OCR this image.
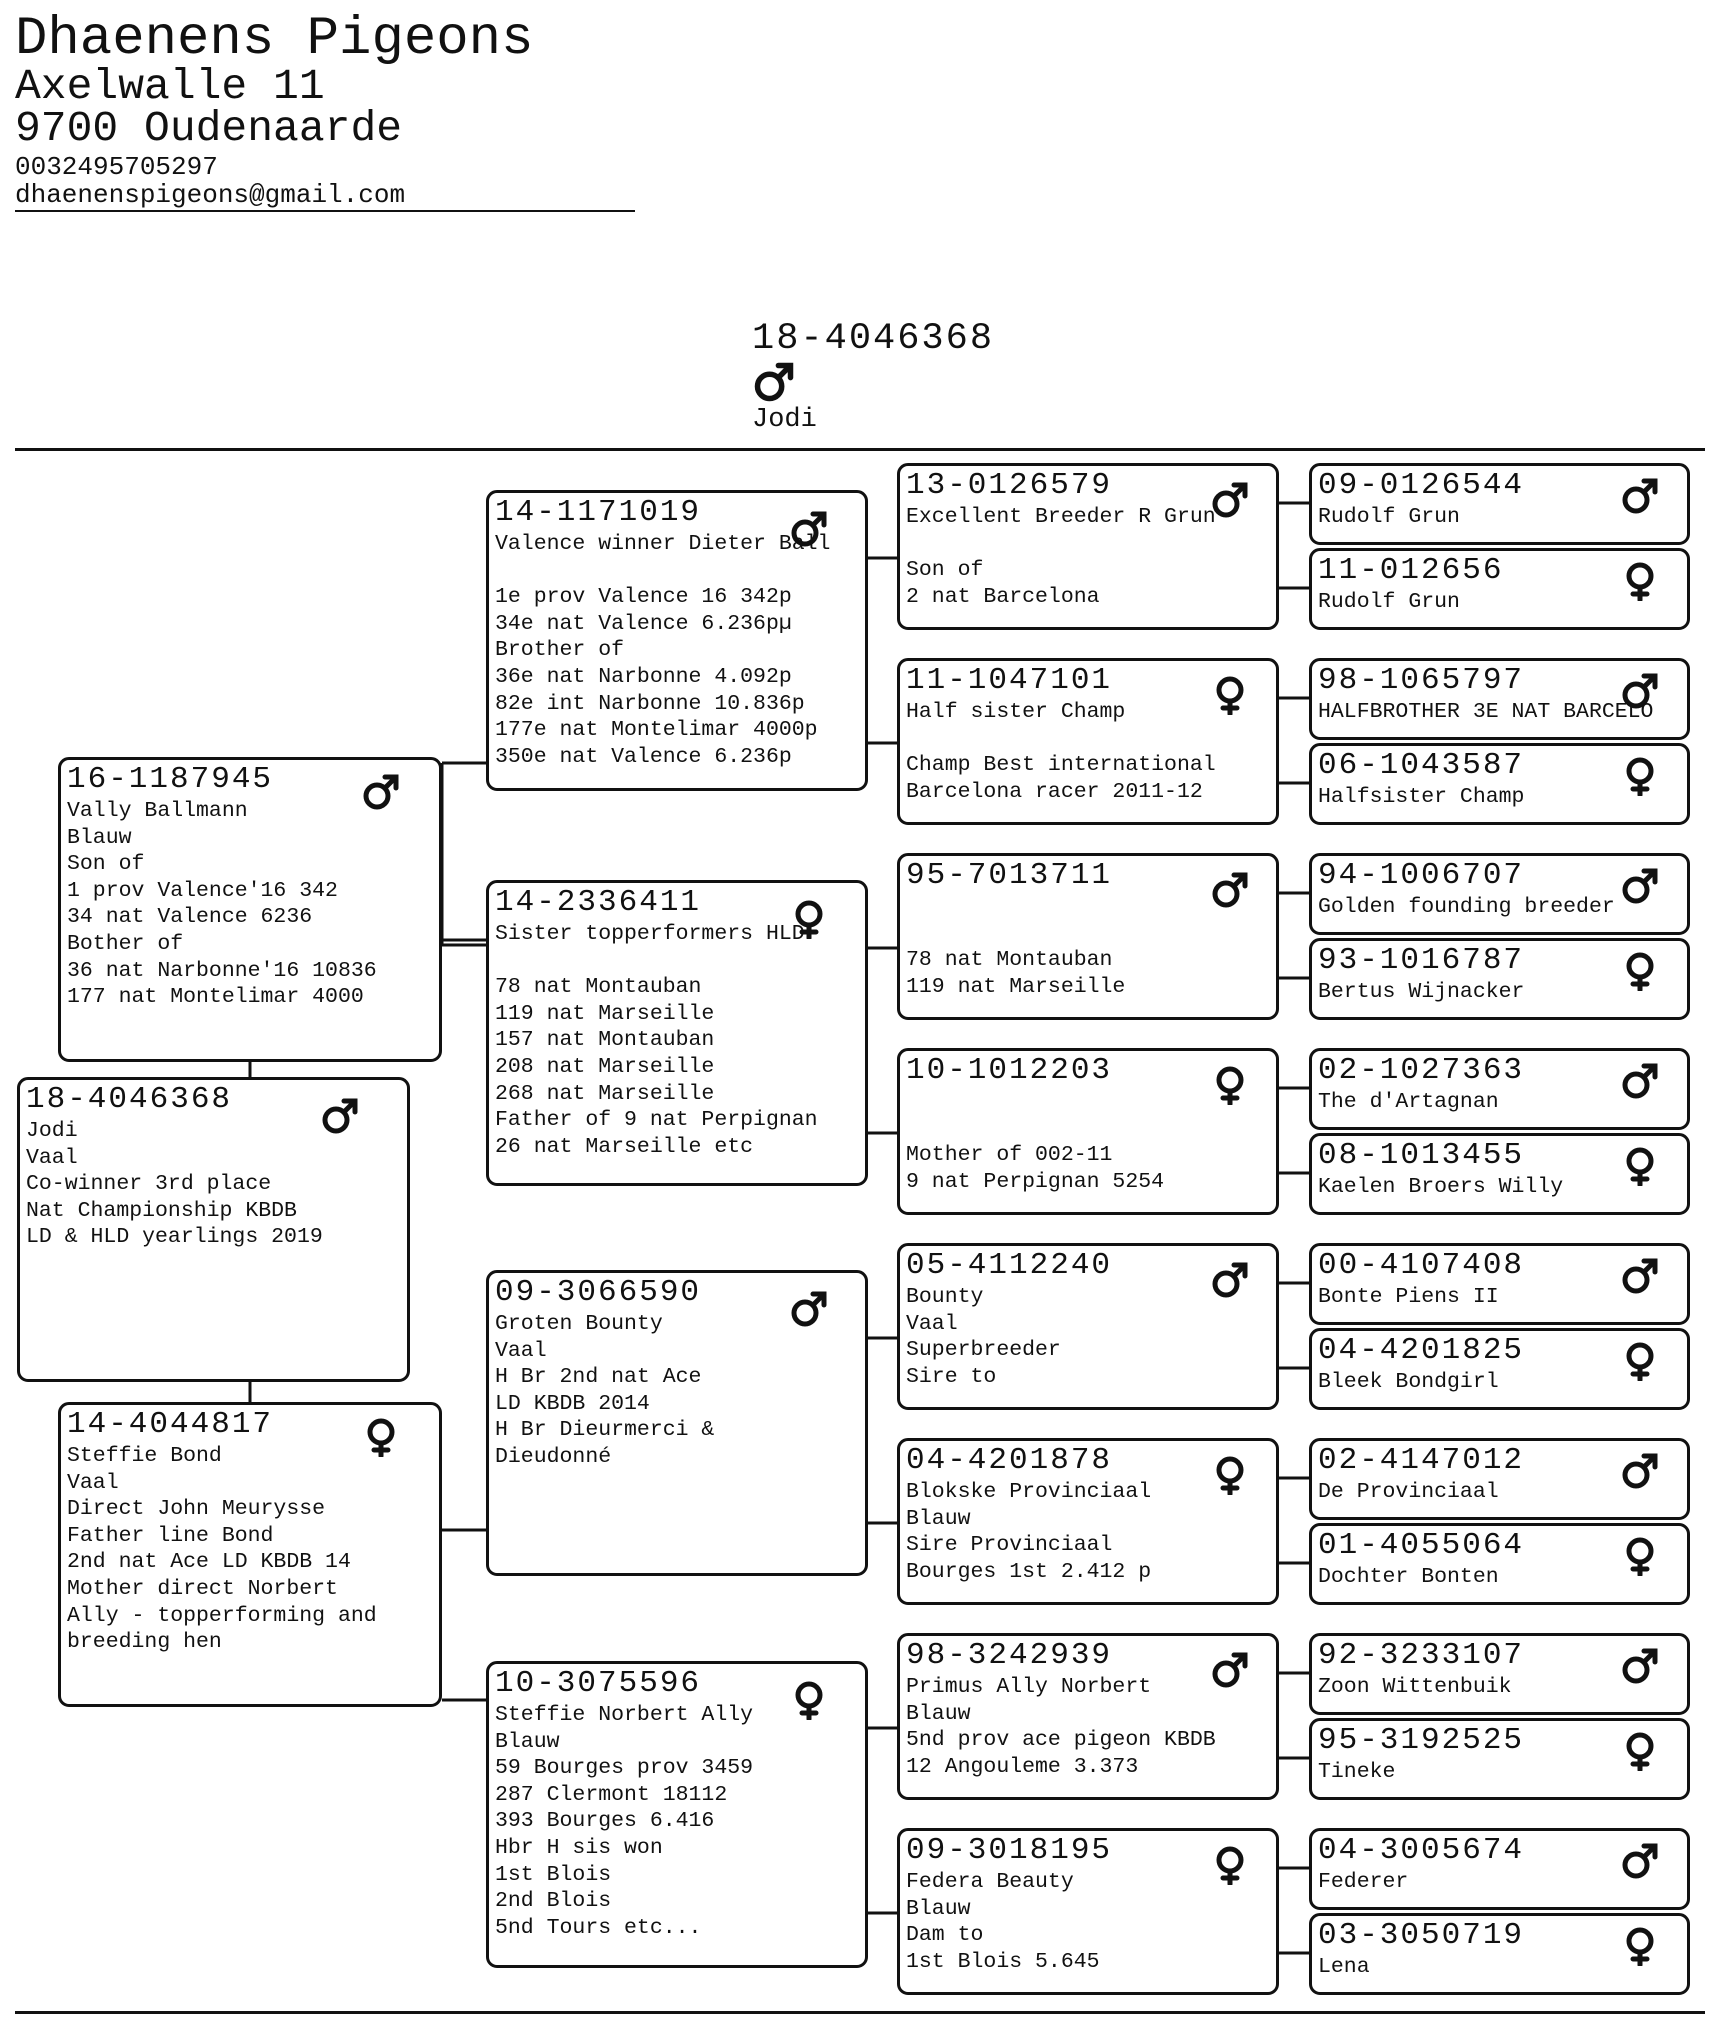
Dhaenens Pigeons
Axelwalle 11
9700 Oudenaarde
0032495705297
dhaenenspigeons@gmail.com
18-4046368
Jodi
18-4046368
Jodi
Vaal
Co-winner 3rd place
Nat Championship KBDB
LD & HLD yearlings 2019
16-1187945
Vally Ballmann
Blauw
Son of
1 prov Valence'16 342
34 nat Valence 6236
Bother of
36 nat Narbonne'16 10836
177 nat Montelimar 4000
14-4044817
Steffie Bond
Vaal
Direct John Meurysse
Father line Bond
2nd nat Ace LD KBDB 14
Mother direct Norbert
Ally - topperforming and
breeding hen
14-1171019
Valence winner Dieter Ball
1e prov Valence 16 342p
34e nat Valence 6.236pµ
Brother of
36e nat Narbonne 4.092p
82e int Narbonne 10.836p
177e nat Montelimar 4000p
350e nat Valence 6.236p
14-2336411
Sister topperformers HLD
78 nat Montauban
119 nat Marseille
157 nat Montauban
208 nat Marseille
268 nat Marseille
Father of 9 nat Perpignan
26 nat Marseille etc
09-3066590
Groten Bounty
Vaal
H Br 2nd nat Ace
LD KBDB 2014
H Br Dieurmerci &
Dieudonné
10-3075596
Steffie Norbert Ally
Blauw
59 Bourges prov 3459
287 Clermont 18112
393 Bourges 6.416
Hbr H sis won
1st Blois
2nd Blois
5nd Tours etc...
13-0126579
Excellent Breeder R Grun
Son of
2 nat Barcelona
11-1047101
Half sister Champ
Champ Best international
Barcelona racer 2011-12
95-7013711
78 nat Montauban
119 nat Marseille
10-1012203
Mother of 002-11
9 nat Perpignan 5254
05-4112240
Bounty
Vaal
Superbreeder
Sire to
04-4201878
Blokske Provinciaal
Blauw
Sire Provinciaal
Bourges 1st 2.412 p
98-3242939
Primus Ally Norbert
Blauw
5nd prov ace pigeon KBDB
12 Angouleme 3.373
09-3018195
Federa Beauty
Blauw
Dam to
1st Blois 5.645
09-0126544
Rudolf Grun
11-012656
Rudolf Grun
98-1065797
HALFBROTHER 3E NAT BARCELO
06-1043587
Halfsister Champ
94-1006707
Golden founding breeder
93-1016787
Bertus Wijnacker
02-1027363
The d'Artagnan
08-1013455
Kaelen Broers Willy
00-4107408
Bonte Piens II
04-4201825
Bleek Bondgirl
02-4147012
De Provinciaal
01-4055064
Dochter Bonten
92-3233107
Zoon Wittenbuik
95-3192525
Tineke
04-3005674
Federer
03-3050719
Lena
